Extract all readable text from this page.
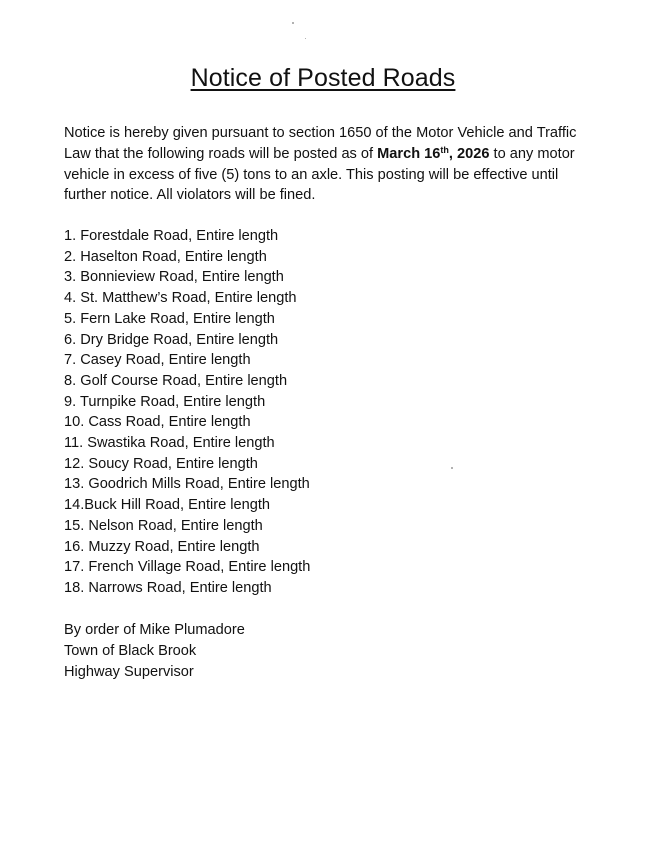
Notice of Posted Roads

Notice is hereby given pursuant to section 1650 of the Motor Vehicle and Traffic Law that the following roads will be posted as of March 16th, 2026 to any motor vehicle in excess of five (5) tons to an axle. This posting will be effective until further notice. All violators will be fined.

1. Forestdale Road, Entire length
2. Haselton Road, Entire length
3. Bonnieview Road, Entire length
4. St. Matthew’s Road, Entire length
5. Fern Lake Road, Entire length
6. Dry Bridge Road, Entire length
7. Casey Road, Entire length
8. Golf Course Road, Entire length
9. Turnpike Road, Entire length
10. Cass Road, Entire length
11. Swastika Road, Entire length
12. Soucy Road, Entire length
13. Goodrich Mills Road, Entire length
14.Buck Hill Road, Entire length
15. Nelson Road, Entire length
16. Muzzy Road, Entire length
17. French Village Road, Entire length
18. Narrows Road, Entire length
By order of Mike Plumadore
Town of Black Brook
Highway Supervisor
